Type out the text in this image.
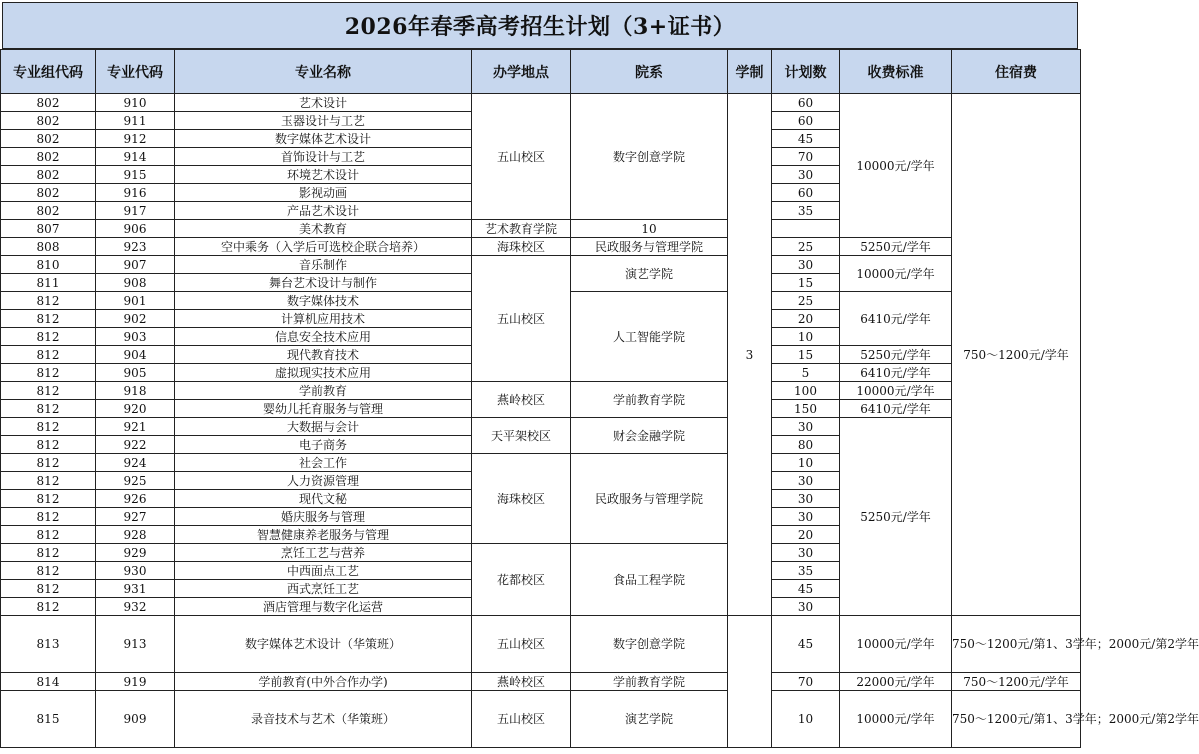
2026年春季高考招生计划（3+证书）
专业组代码	专业代码	专业名称	办学地点	院系	学制	计划数	收费标准	住宿费
802	910	艺术设计	五山校区	数字创意学院	3	60	10000元/学年	750～1200元/学年
802	911	玉器设计与工艺				60		
802	912	数字媒体艺术设计				45		
802	914	首饰设计与工艺				70		
802	915	环境艺术设计				30		
802	916	影视动画				60		
802	917	产品艺术设计				35		
807	906	美术教育	艺术教育学院	10				
808	923	空中乘务（入学后可选校企联合培养）	海珠校区	民政服务与管理学院		25	5250元/学年	
810	907	音乐制作	五山校区	演艺学院		30	10000元/学年	
811	908	舞台艺术设计与制作				15		
812	901	数字媒体技术		人工智能学院		25	6410元/学年	
812	902	计算机应用技术				20		
812	903	信息安全技术应用				10		
812	904	现代教育技术				15	5250元/学年	
812	905	虚拟现实技术应用				5	6410元/学年	
812	918	学前教育	燕岭校区	学前教育学院		100	10000元/学年	
812	920	婴幼儿托育服务与管理				150	6410元/学年	
812	921	大数据与会计	天平架校区	财会金融学院		30	5250元/学年	
812	922	电子商务				80		
812	924	社会工作	海珠校区	民政服务与管理学院		10		
812	925	人力资源管理				30		
812	926	现代文秘				30		
812	927	婚庆服务与管理				30		
812	928	智慧健康养老服务与管理				20		
812	929	烹饪工艺与营养	花都校区	食品工程学院		30		
812	930	中西面点工艺				35		
812	931	西式烹饪工艺				45		
812	932	酒店管理与数字化运营				30		
813	913	数字媒体艺术设计（华策班）	五山校区	数字创意学院		45	10000元/学年	750～1200元/第1、3学年；2000元/第2学年
814	919	学前教育(中外合作办学)	燕岭校区	学前教育学院		70	22000元/学年	750～1200元/学年
815	909	录音技术与艺术（华策班）	五山校区	演艺学院		10	10000元/学年	750～1200元/第1、3学年；2000元/第2学年
